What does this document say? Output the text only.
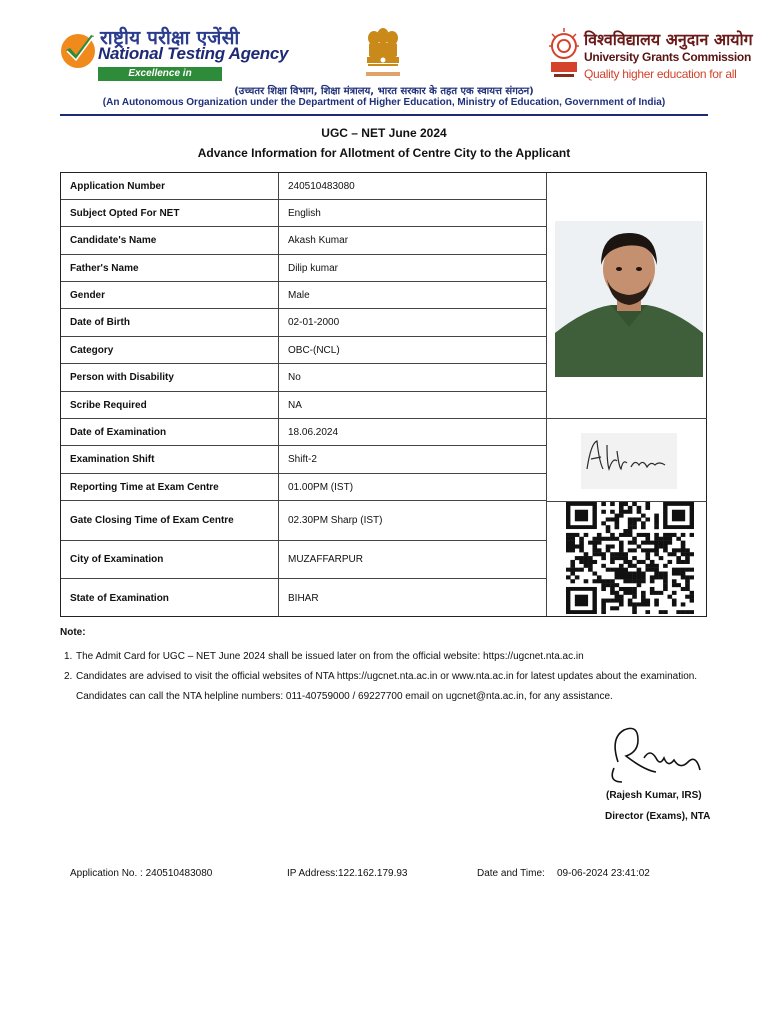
राष्ट्रीय परीक्षा एजेंसी
National Testing Agency
Excellence in Assessment
विश्वविद्यालय अनुदान आयोग
University Grants Commission
Quality higher education for all
(उच्चतर शिक्षा विभाग, शिक्षा मंत्रालय, भारत सरकार के तहत एक स्वायत्त संगठन)
(An Autonomous Organization under the Department of Higher Education, Ministry of Education, Government of India)
UGC – NET June 2024
Advance Information for Allotment of Centre City to the Applicant
Application Number	240510483080
Subject Opted For NET	English
Candidate's Name	Akash Kumar
Father's Name	Dilip kumar
Gender	Male
Date of Birth	02-01-2000
Category	OBC-(NCL)
Person with Disability	No
Scribe Required	NA
Date of Examination	18.06.2024
Examination Shift	Shift-2
Reporting Time at Exam Centre	01.00PM (IST)
Gate Closing Time of Exam Centre	02.30PM Sharp (IST)
City of Examination	MUZAFFARPUR
State of Examination	BIHAR
Note:
1. The Admit Card for UGC – NET June 2024 shall be issued later on from the official website: https://ugcnet.nta.ac.in
2. Candidates are advised to visit the official websites of NTA https://ugcnet.nta.ac.in or www.nta.ac.in for latest updates about the examination. Candidates can call the NTA helpline numbers: 011-40759000 / 69227700 email on ugcnet@nta.ac.in, for any assistance.
(Rajesh Kumar, IRS)
Director (Exams), NTA
Application No. : 240510483080	IP Address:122.162.179.93	Date and Time: 09-06-2024 23:41:02
